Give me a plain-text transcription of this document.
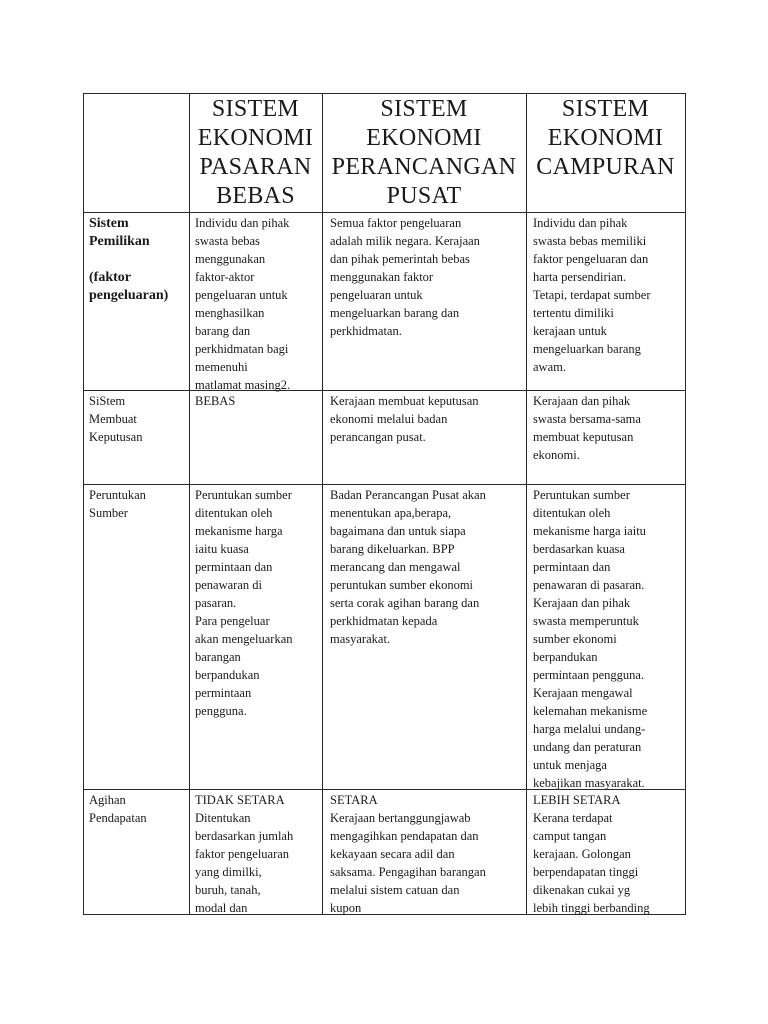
SISTEM
EKONOMI
PASARAN
BEBAS
SISTEM
EKONOMI
PERANCANGAN
PUSAT
SISTEM
EKONOMI
CAMPURAN
Sistem
Pemilikan
(faktor
pengeluaran)
Individu dan pihak
swasta bebas
menggunakan
faktor-aktor
pengeluaran untuk
menghasilkan
barang dan
perkhidmatan bagi
memenuhi
matlamat masing2.
Semua faktor pengeluaran
adalah milik negara. Kerajaan
dan pihak pemerintah bebas
menggunakan faktor
pengeluaran untuk
mengeluarkan barang dan
perkhidmatan.
Individu dan pihak
swasta bebas memiliki
faktor pengeluaran dan
harta persendirian.
Tetapi, terdapat sumber
tertentu dimiliki
kerajaan untuk
mengeluarkan barang
awam.
SiStem
Membuat
Keputusan
BEBAS	Kerajaan membuat keputusan
ekonomi melalui badan
perancangan pusat.
Kerajaan dan pihak
swasta bersama-sama
membuat keputusan
ekonomi.
Peruntukan
Sumber
Peruntukan sumber
ditentukan oleh
mekanisme harga
iaitu kuasa
permintaan dan
penawaran di
pasaran.
Para pengeluar
akan mengeluarkan
barangan
berpandukan
permintaan
pengguna.
Badan Perancangan Pusat akan
menentukan apa,berapa,
bagaimana dan untuk siapa
barang dikeluarkan. BPP
merancang dan mengawal
peruntukan sumber ekonomi
serta corak agihan barang dan
perkhidmatan kepada
masyarakat.
Peruntukan sumber
ditentukan oleh
mekanisme harga iaitu
berdasarkan kuasa
permintaan dan
penawaran di pasaran.
Kerajaan dan pihak
swasta memperuntuk
sumber ekonomi
berpandukan
permintaan pengguna.
Kerajaan mengawal
kelemahan mekanisme
harga melalui undang-
undang dan peraturan
untuk menjaga
kebajikan masyarakat.
Agihan
Pendapatan
TIDAK SETARA
Ditentukan
berdasarkan jumlah
faktor pengeluaran
yang dimilki,
buruh, tanah,
modal dan
SETARA
Kerajaan bertanggungjawab
mengagihkan pendapatan dan
kekayaan secara adil dan
saksama. Pengagihan barangan
melalui sistem catuan dan
kupon
LEBIH SETARA
Kerana terdapat
camput tangan
kerajaan. Golongan
berpendapatan tinggi
dikenakan cukai yg
lebih tinggi berbanding
